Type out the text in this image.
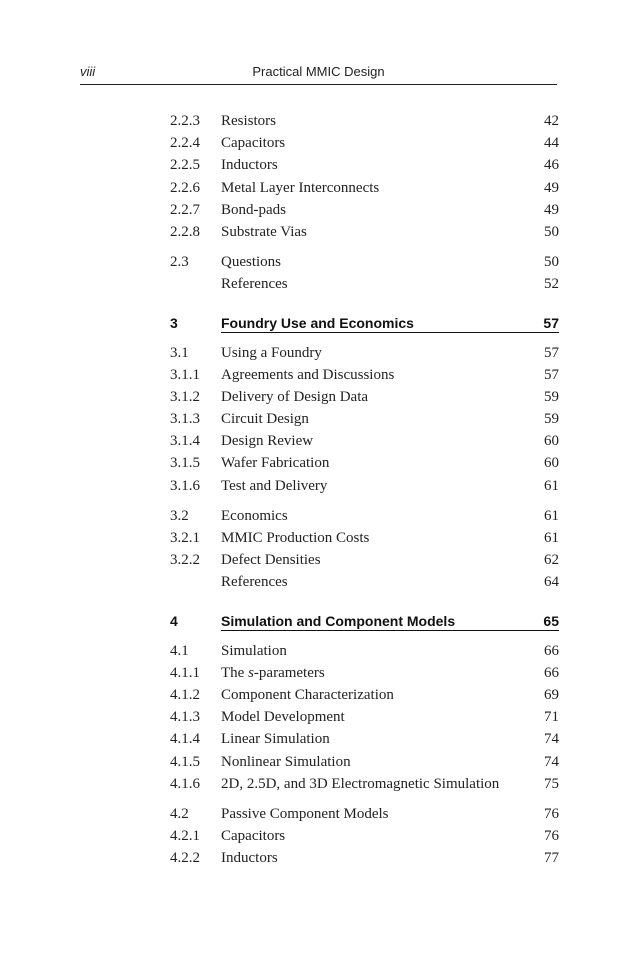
viii	Practical MMIC Design
2.2.3 Resistors	42
2.2.4 Capacitors	44
2.2.5 Inductors	46
2.2.6 Metal Layer Interconnects	49
2.2.7 Bond-pads	49
2.2.8 Substrate Vias	50
2.3 Questions	50
References	52
3	Foundry Use and Economics	57
3.1 Using a Foundry	57
3.1.1 Agreements and Discussions	57
3.1.2 Delivery of Design Data	59
3.1.3 Circuit Design	59
3.1.4 Design Review	60
3.1.5 Wafer Fabrication	60
3.1.6 Test and Delivery	61
3.2 Economics	61
3.2.1 MMIC Production Costs	61
3.2.2 Defect Densities	62
References	64
4	Simulation and Component Models	65
4.1 Simulation	66
4.1.1 The s-parameters	66
4.1.2 Component Characterization	69
4.1.3 Model Development	71
4.1.4 Linear Simulation	74
4.1.5 Nonlinear Simulation	74
4.1.6 2D, 2.5D, and 3D Electromagnetic Simulation	75
4.2 Passive Component Models	76
4.2.1 Capacitors	76
4.2.2 Inductors	77
